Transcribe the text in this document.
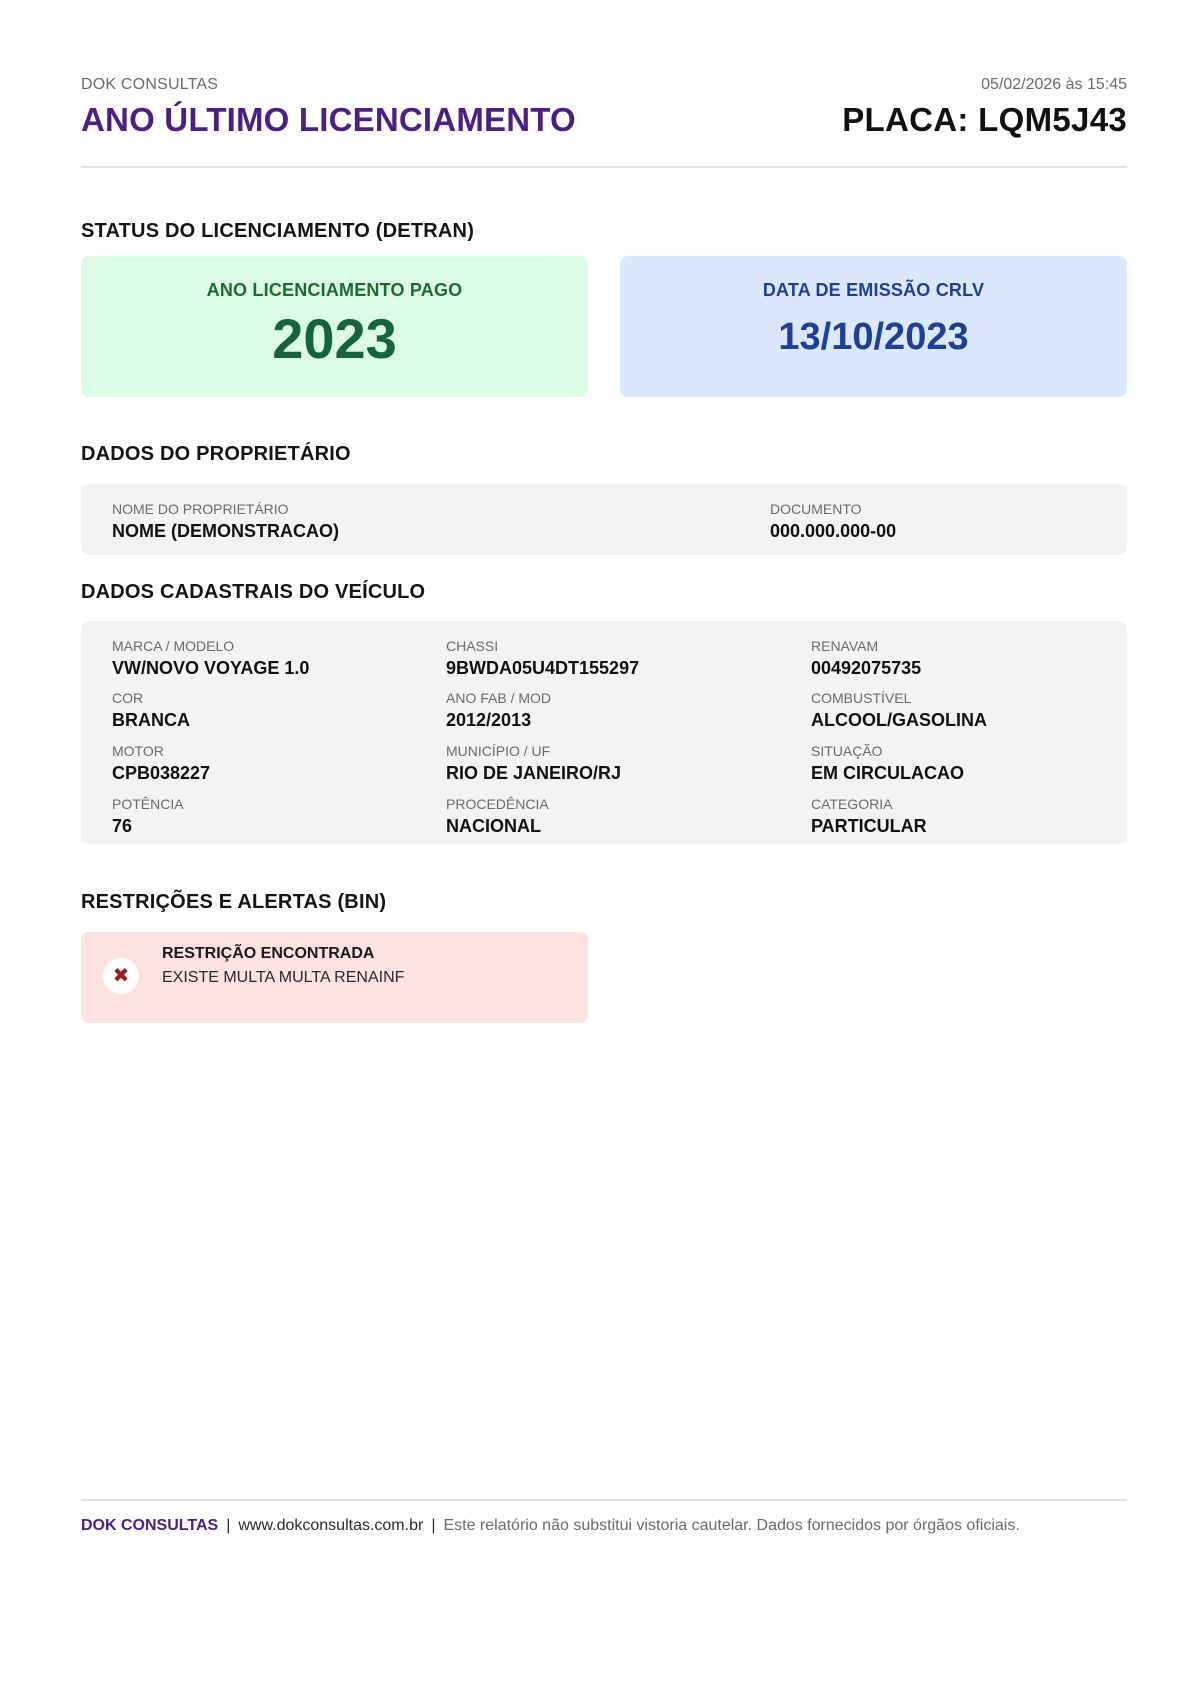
DOK CONSULTAS	05/02/2026 às 15:45
ANO ÚLTIMO LICENCIAMENTO	PLACA: LQM5J43
STATUS DO LICENCIAMENTO (DETRAN)
ANO LICENCIAMENTO PAGO
2023
DATA DE EMISSÃO CRLV
13/10/2023
DADOS DO PROPRIETÁRIO
NOME DO PROPRIETÁRIO
NOME (DEMONSTRACAO)
DOCUMENTO
000.000.000-00
DADOS CADASTRAIS DO VEÍCULO
MARCA / MODELO
VW/NOVO VOYAGE 1.0
CHASSI
9BWDA05U4DT155297
RENAVAM
00492075735
COR
BRANCA
ANO FAB / MOD
2012/2013
COMBUSTÍVEL
ALCOOL/GASOLINA
MOTOR
CPB038227
MUNICÍPIO / UF
RIO DE JANEIRO/RJ
SITUAÇÃO
EM CIRCULACAO
POTÊNCIA
76
PROCEDÊNCIA
NACIONAL
CATEGORIA
PARTICULAR
RESTRIÇÕES E ALERTAS (BIN)
✖
RESTRIÇÃO ENCONTRADA
EXISTE MULTA MULTA RENAINF
DOK CONSULTAS | www.dokconsultas.com.br | Este relatório não substitui vistoria cautelar. Dados fornecidos por órgãos oficiais.
